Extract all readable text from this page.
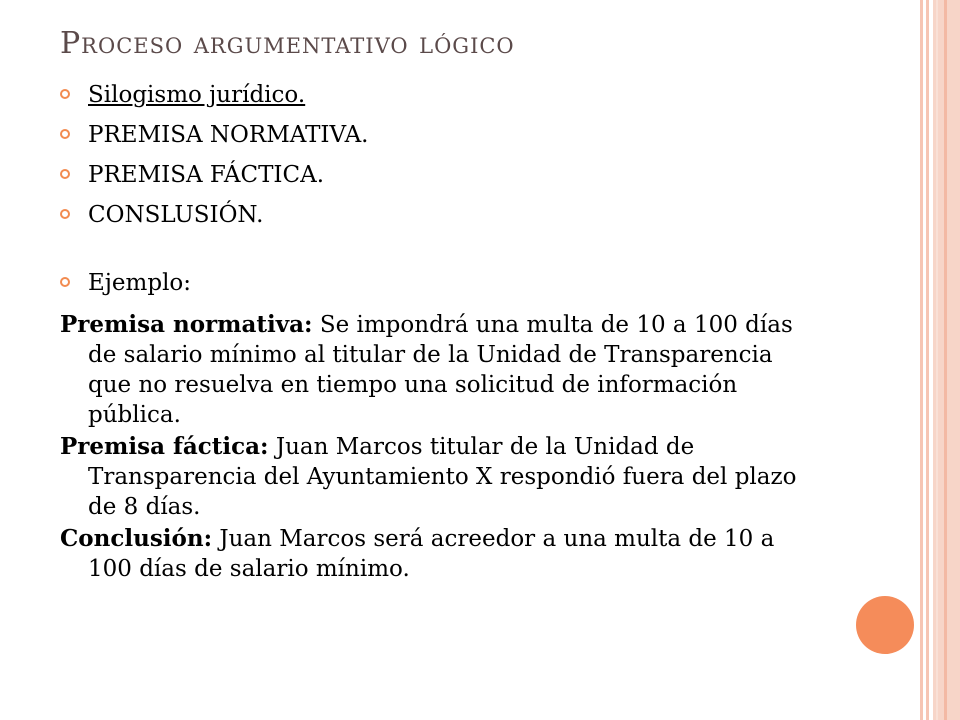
Proceso argumentativo lógico
Silogismo jurídico.
PREMISA NORMATIVA.
PREMISA FÁCTICA.
CONSLUSIÓN.
Ejemplo:
Premisa normativa: Se impondrá una multa de 10 a 100 días de salario mínimo al titular de la Unidad de Transparencia que no resuelva en tiempo una solicitud de información pública.
Premisa fáctica: Juan Marcos titular de la Unidad de Transparencia del Ayuntamiento X respondió fuera del plazo de 8 días.
Conclusión: Juan Marcos será acreedor a una multa de 10 a 100 días de salario mínimo.
